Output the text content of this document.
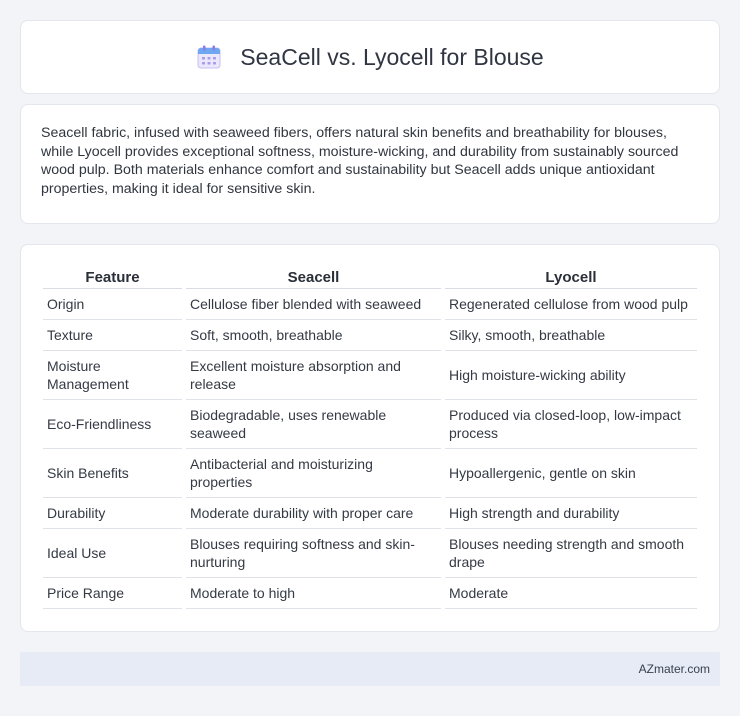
SeaCell vs. Lyocell for Blouse

Seacell fabric, infused with seaweed fibers, offers natural skin benefits and breathability for blouses, while Lyocell provides exceptional softness, moisture-wicking, and durability from sustainably sourced wood pulp. Both materials enhance comfort and sustainability but Seacell adds unique antioxidant properties, making it ideal for sensitive skin.

Feature	Seacell	Lyocell
Origin	Cellulose fiber blended with seaweed	Regenerated cellulose from wood pulp
Texture	Soft, smooth, breathable	Silky, smooth, breathable
Moisture Management	Excellent moisture absorption and release	High moisture-wicking ability
Eco-Friendliness	Biodegradable, uses renewable seaweed	Produced via closed-loop, low-impact process
Skin Benefits	Antibacterial and moisturizing properties	Hypoallergenic, gentle on skin
Durability	Moderate durability with proper care	High strength and durability
Ideal Use	Blouses requiring softness and skin-nurturing	Blouses needing strength and smooth drape
Price Range	Moderate to high	Moderate
AZmater.com
